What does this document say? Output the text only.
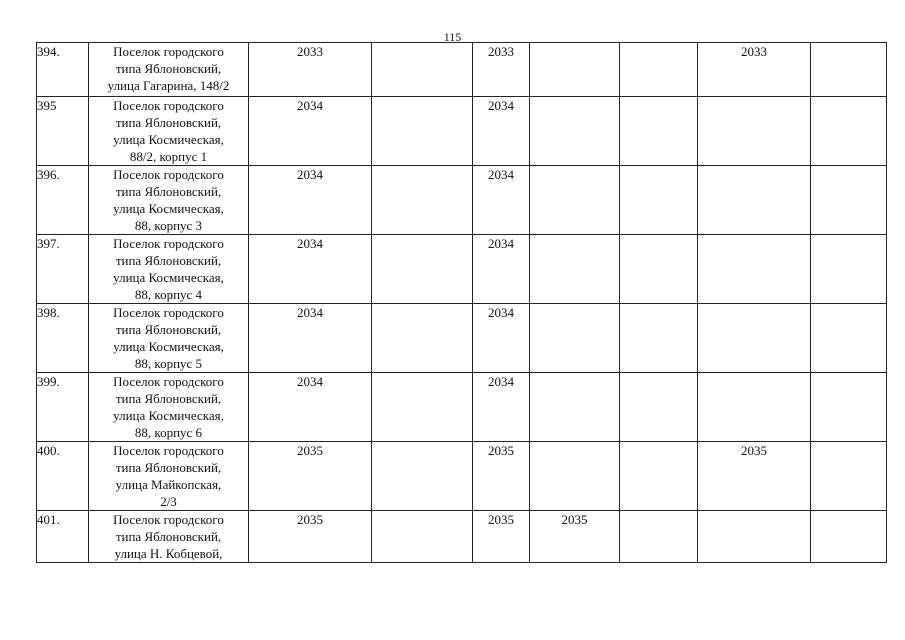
115
394.	Поселок городского
типа Яблоновский,
улица Гагарина, 148/2	2033		2033			2033	

395	Поселок городского
типа Яблоновский,
улица Космическая,
88/2, корпус 1	2034		2034				

396.	Поселок городского
типа Яблоновский,
улица Космическая,
88, корпус 3	2034		2034				

397.	Поселок городского
типа Яблоновский,
улица Космическая,
88, корпус 4	2034		2034				

398.	Поселок городского
типа Яблоновский,
улица Космическая,
88, корпус 5	2034		2034				

399.	Поселок городского
типа Яблоновский,
улица Космическая,
88, корпус 6	2034		2034				

400.	Поселок городского
типа Яблоновский,
улица Майкопская,
2/3	2035		2035			2035	

401.	Поселок городского
типа Яблоновский,
улица Н. Кобцевой,	2035		2035	2035			
